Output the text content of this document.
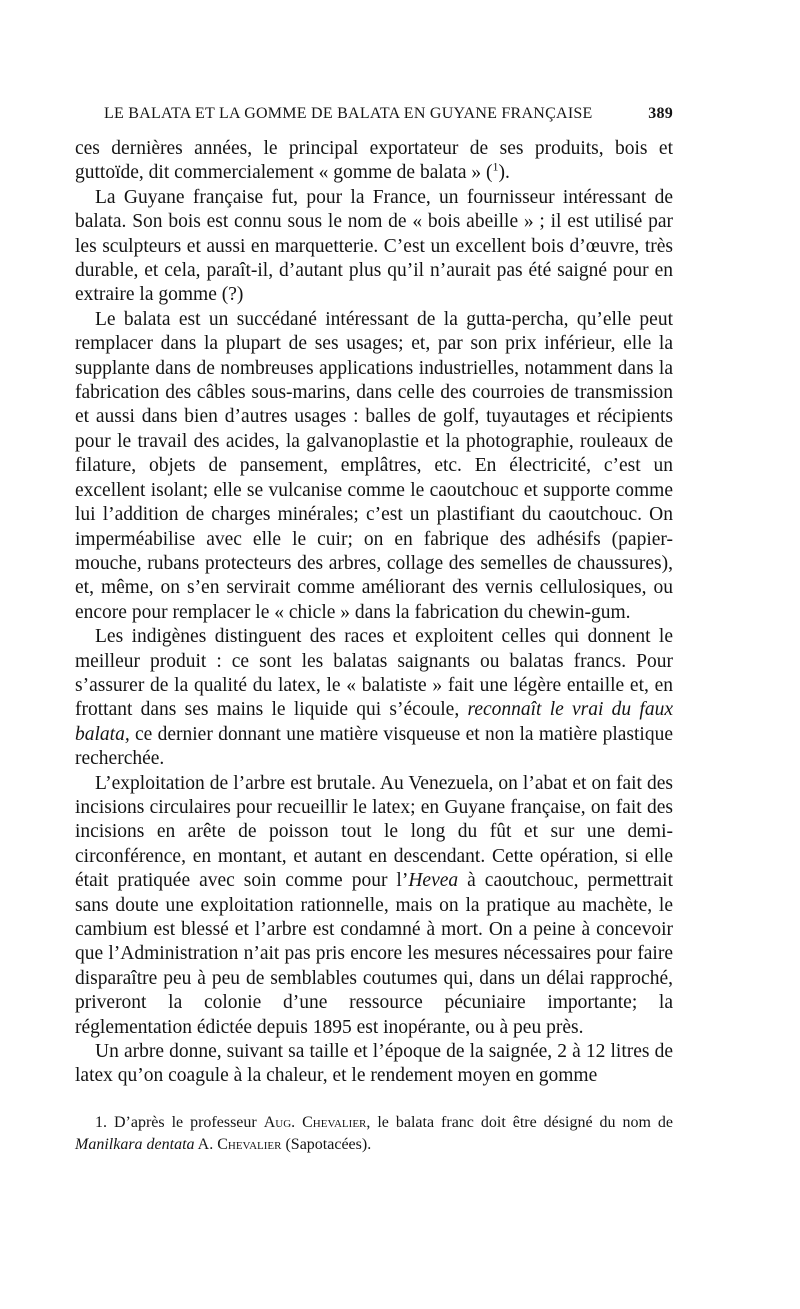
LE BALATA ET LA GOMME DE BALATA EN GUYANE FRANÇAISE	389

ces dernières années, le principal exportateur de ses produits, bois et guttoïde, dit commercialement « gomme de balata » ($^1$).

La Guyane française fut, pour la France, un fournisseur intéressant de balata. Son bois est connu sous le nom de « bois abeille » ; il est utilisé par les sculpteurs et aussi en marquetterie. C’est un excellent bois d’œuvre, très durable, et cela, paraît-il, d’autant plus qu’il n’aurait pas été saigné pour en extraire la gomme (?)

Le balata est un succédané intéressant de la gutta-percha, qu’elle peut remplacer dans la plupart de ses usages; et, par son prix inférieur, elle la supplante dans de nombreuses applications industrielles, notamment dans la fabrication des câbles sous-marins, dans celle des courroies de transmission et aussi dans bien d’autres usages : balles de golf, tuyautages et récipients pour le travail des acides, la galvanoplastie et la photographie, rouleaux de filature, objets de pansement, emplâtres, etc. En électricité, c’est un excellent isolant; elle se vulcanise comme le caoutchouc et supporte comme lui l’addition de charges minérales; c’est un plastifiant du caoutchouc. On imperméabilise avec elle le cuir; on en fabrique des adhésifs (papier-mouche, rubans protecteurs des arbres, collage des semelles de chaussures), et, même, on s’en servirait comme améliorant des vernis cellulosiques, ou encore pour remplacer le « chicle » dans la fabrication du chewin-gum.

Les indigènes distinguent des races et exploitent celles qui donnent le meilleur produit : ce sont les balatas saignants ou balatas francs. Pour s’assurer de la qualité du latex, le « balatiste » fait une légère entaille et, en frottant dans ses mains le liquide qui s’écoule, reconnaît le vrai du faux balata, ce dernier donnant une matière visqueuse et non la matière plastique recherchée.

L’exploitation de l’arbre est brutale. Au Venezuela, on l’abat et on fait des incisions circulaires pour recueillir le latex; en Guyane française, on fait des incisions en arête de poisson tout le long du fût et sur une demi-circonférence, en montant, et autant en descendant. Cette opération, si elle était pratiquée avec soin comme pour l’Hevea à caoutchouc, permettrait sans doute une exploitation rationnelle, mais on la pratique au machète, le cambium est blessé et l’arbre est condamné à mort. On a peine à concevoir que l’Administration n’ait pas pris encore les mesures nécessaires pour faire disparaître peu à peu de semblables coutumes qui, dans un délai rapproché, priveront la colonie d’une ressource pécuniaire importante; la réglementation édictée depuis 1895 est inopérante, ou à peu près.

Un arbre donne, suivant sa taille et l’époque de la saignée, 2 à 12 litres de latex qu’on coagule à la chaleur, et le rendement moyen en gomme

1. D’après le professeur Aug. Chevalier, le balata franc doit être désigné du nom de Manilkara dentata A. Chevalier (Sapotacées).
